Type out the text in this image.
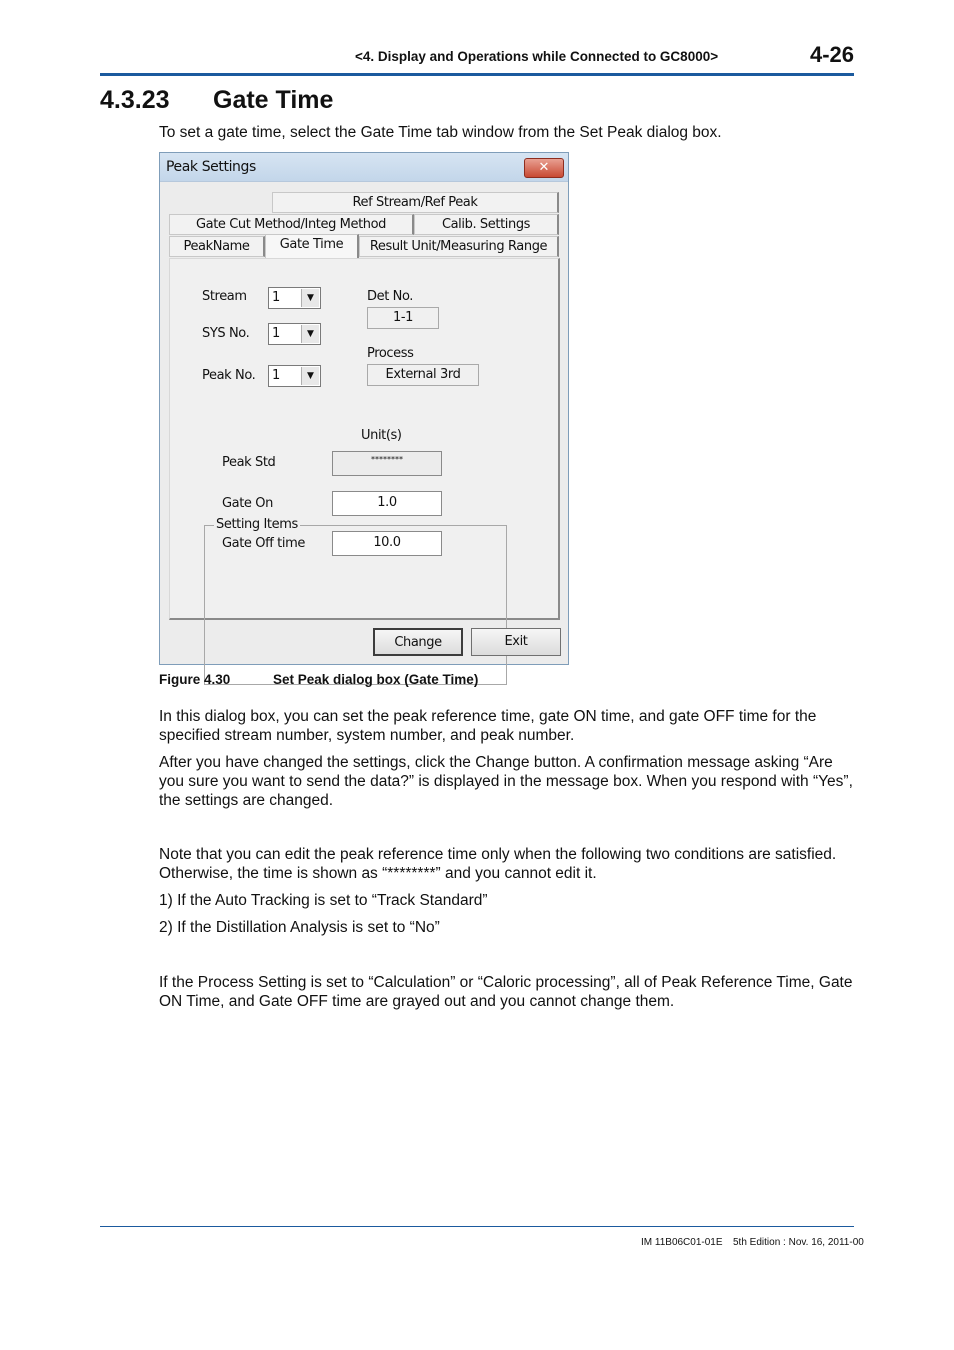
<4. Display and Operations while Connected to GC8000>	4-26
4.3.23 Gate Time
To set a gate time, select the Gate Time tab window from the Set Peak dialog box.
Peak Settings	✕
Ref Stream/Ref Peak
Gate Cut Method/Integ Method	Calib. Settings
PeakName	Gate Time	Result Unit/Measuring Range
Stream 1	▼
SYS No. 1	▼
Peak No. 1	▼
Det No.
1-1
Process
External 3rd
Setting Items
Unit(s)
Peak Std	********
Gate On	1.0
Gate Off time	10.0
Change	Exit
Figure 4.30	Set Peak dialog box (Gate Time)
In this dialog box, you can set the peak reference time, gate ON time, and gate OFF time for the specified stream number, system number, and peak number.
After you have changed the settings, click the Change button. A confirmation message asking “Are you sure you want to send the data?” is displayed in the message box. When you respond with “Yes”, the settings are changed.
Note that you can edit the peak reference time only when the following two conditions are satisfied. Otherwise, the time is shown as “********” and you cannot edit it.
1) If the Auto Tracking is set to “Track Standard”
2) If the Distillation Analysis is set to “No”
If the Process Setting is set to “Calculation” or “Caloric processing”, all of Peak Reference Time, Gate ON Time, and Gate OFF time are grayed out and you cannot change them.
IM 11B06C01-01E 5th Edition : Nov. 16, 2011-00
